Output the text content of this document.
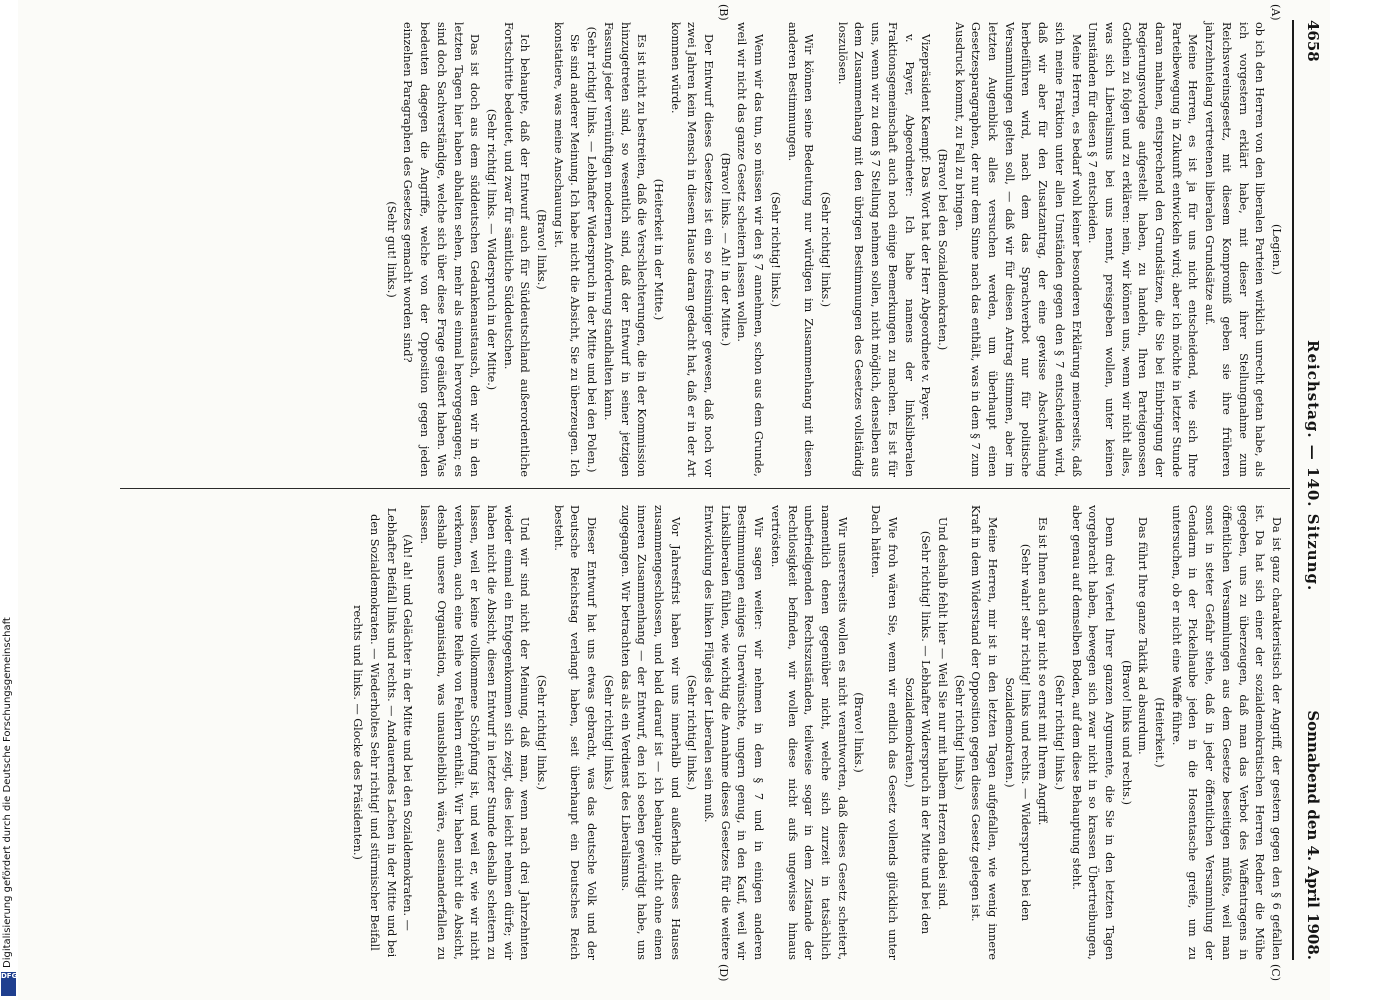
4658
Reichstag. — 140. Sitzung.
Sonnabend den 4. April 1908.
(A)
(B)
(C)
(D)

(Legien.)

ob ich den Herren von den liberalen Parteien wirklich unrecht getan habe, als ich vorgestern erklärt habe, mit dieser ihrer Stellungnahme zum Reichsvereinsgesetz, mit diesem Kompromiß geben sie ihre früheren jahrzehntelang vertretenen liberalen Grundsätze auf.

Meine Herren, es ist ja für uns nicht entscheidend, wie sich Ihre Parteibewegung in Zukunft entwickeln wird; aber ich möchte in letzter Stunde daran mahnen, entsprechend den Grundsätzen, die Sie bei Einbringung der Regierungsvorlage aufgestellt haben, zu handeln, Ihren Parteigenossen Gothein zu folgen und zu erklären: nein, wir können uns, wenn wir nicht alles, was sich Liberalismus bei uns nennt, preisgeben wollen, unter keinen Umständen für diesen § 7 entscheiden.

Meine Herren, es bedarf wohl keiner besonderen Erklärung meinerseits, daß sich meine Fraktion unter allen Umständen gegen den § 7 entscheiden wird, daß wir aber für den Zusatzantrag, der eine gewisse Abschwächung herbeiführen wird, nach dem das Sprachverbot nur für politische Versammlungen gelten soll, — daß wir für diesen Antrag stimmen, aber im letzten Augenblick alles versuchen werden, um überhaupt einen Gesetzesparagraphen, der nur dem Sinne nach das enthält, was in dem § 7 zum Ausdruck kommt, zu Fall zu bringen.

(Bravo! bei den Sozialdemokraten.)

Vizepräsident Kaempf: Das Wort hat der Herr Abgeordnete v. Payer.

v. Payer, Abgeordneter: Ich habe namens der linksliberalen Fraktionsgemeinschaft auch noch einige Bemerkungen zu machen. Es ist für uns, wenn wir zu dem § 7 Stellung nehmen sollen, nicht möglich, denselben aus dem Zusammenhang mit den übrigen Bestimmungen des Gesetzes vollständig loszulösen.

(Sehr richtig! links.)

Wir können seine Bedeutung nur würdigen im Zusammenhang mit diesen anderen Bestimmungen.

(Sehr richtig! links.)

Wenn wir das tun, so müssen wir den § 7 annehmen, schon aus dem Grunde, weil wir nicht das ganze Gesetz scheitern lassen wollen.

(Bravo! links. — Ah! in der Mitte.)

Der Entwurf dieses Gesetzes ist ein so freisinniger gewesen, daß noch vor zwei Jahren kein Mensch in diesem Hause daran gedacht hat, daß er in der Art kommen würde.

(Heiterkeit in der Mitte.)

Es ist nicht zu bestreiten, daß die Verschlechterungen, die in der Kommission hinzugetreten sind, so wesentlich sind, daß der Entwurf in seiner jetzigen Fassung jeder vernünftigen modernen Anforderung standhalten kann.

(Sehr richtig! links. — Lebhafter Widerspruch in der Mitte und bei den Polen.)

Sie sind anderer Meinung. Ich habe nicht die Absicht, Sie zu überzeugen. Ich konstatiere, was meine Anschauung ist.

(Bravo! links.)

Ich behaupte, daß der Entwurf auch für Süddeutschland außerordentliche Fortschritte bedeutet, und zwar für sämtliche Süddeutschen.

(Sehr richtig! links. — Widerspruch in der Mitte.)

Das ist doch aus dem süddeutschen Gedankenaustausch, den wir in den letzten Tagen hier haben abhalten sehen, mehr als einmal hervorgegangen; es sind doch Sachverständige, welche sich über diese Frage geäußert haben. Was bedeuten dagegen die Angriffe, welche von der Opposition gegen jeden einzelnen Paragraphen des Gesetzes gemacht worden sind?

(Sehr gut! links.)

Da ist ganz charakteristisch der Angriff, der gestern gegen den § 6 gefallen ist. Da hat sich einer der sozialdemokratischen Herren Redner die Mühe gegeben, uns zu überzeugen, daß man das Verbot des Waffentragens in öffentlichen Versammlungen aus dem Gesetze beseitigen müßte, weil man sonst in steter Gefahr stehe, daß in jeder öffentlichen Versammlung der Gendarm in der Pickelhaube jeden in die Hosentasche greife, um zu untersuchen, ob er nicht eine Waffe führe.

(Heiterkeit.)

Das führt Ihre ganze Taktik ad absurdum.

(Bravo! links und rechts.)

Denn drei Viertel Ihrer ganzen Argumente, die Sie in den letzten Tagen vorgebracht haben, bewegen sich zwar nicht in so krassen Übertreibungen, aber genau auf demselben Boden, auf dem diese Behauptung steht.

(Sehr richtig! links.)

Es ist Ihnen auch gar nicht so ernst mit Ihrem Angriff.

(Sehr wahr! sehr richtig! links und rechts. — Widerspruch bei den Sozialdemokraten.)

Meine Herren, mir ist in den letzten Tagen aufgefallen, wie wenig innere Kraft in dem Widerstand der Opposition gegen dieses Gesetz gelegen ist.

(Sehr richtig! links.)

Und deshalb fehlt hier — Weil Sie nur mit halbem Herzen dabei sind.

(Sehr richtig! links. — Lebhafter Widerspruch in der Mitte und bei den Sozialdemokraten.)

Wie froh wären Sie, wenn wir endlich das Gesetz vollends glücklich unter Dach hätten.

(Bravo! links.)

Wir unsererseits wollen es nicht verantworten, daß dieses Gesetz scheitert, namentlich denen gegenüber nicht, welche sich zurzeit in tatsächlich unbefriedigenden Rechtszuständen, teilweise sogar in dem Zustande der Rechtlosigkeit befinden, wir wollen diese nicht aufs ungewisse hinaus vertrösten.

Wir sagen weiter: wir nehmen in dem § 7 und in einigen anderen Bestimmungen einiges Unerwünschte, ungern genug, in den Kauf, weil wir Linksliberalen fühlen, wie wichtig die Annahme dieses Gesetzes für die weitere Entwicklung des linken Flügels der Liberalen sein muß.

(Sehr richtig! links.)

Vor Jahresfrist haben wir uns innerhalb und außerhalb dieses Hauses zusammengeschlossen, und bald darauf ist — ich behaupte: nicht ohne einen inneren Zusammenhang — der Entwurf, den ich soeben gewürdigt habe, uns zugegangen. Wir betrachten das als ein Verdienst des Liberalismus.

(Sehr richtig! links.)

Dieser Entwurf hat uns etwas gebracht, was das deutsche Volk und der Deutsche Reichstag verlangt haben, seit überhaupt ein Deutsches Reich besteht.

(Sehr richtig! links.)

Und wir sind nicht der Meinung, daß man, wenn nach drei Jahrzehnten wieder einmal ein Entgegenkommen sich zeigt, dies leicht nehmen dürfe; wir haben nicht die Absicht, diesen Entwurf in letzter Stunde deshalb scheitern zu lassen, weil er keine vollkommene Schöpfung ist, und weil er, wie wir nicht verkennen, auch eine Reihe von Fehlern enthält. Wir haben nicht die Absicht, deshalb unsere Organisation, was unausbleiblich wäre, auseinanderfallen zu lassen.

(Ah! ah! und Gelächter in der Mitte und bei den Sozialdemokraten. — Lebhafter Beifall links und rechts. — Andauerndes Lachen in der Mitte und bei den Sozialdemokraten. — Wiederholtes Sehr richtig! und stürmischer Beifall rechts und links. — Glocke des Präsidenten.)

Digitalisierung gefördert durch die Deutsche Forschungsgemeinschaft
DFG
